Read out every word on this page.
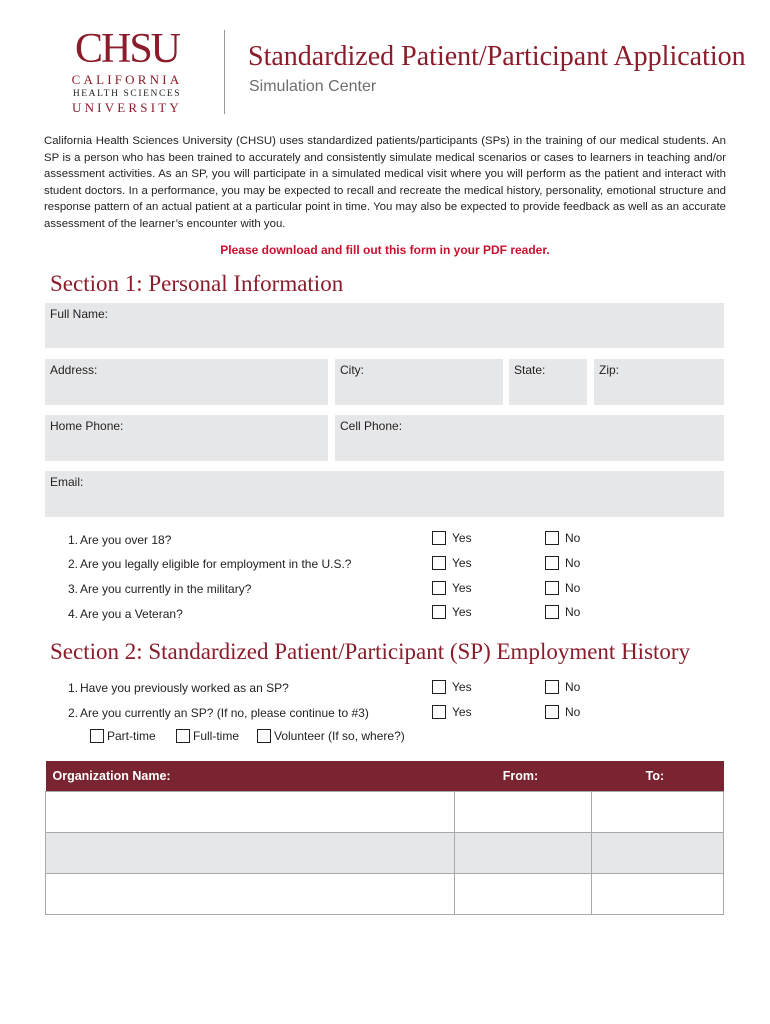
CHSU
CALIFORNIA
HEALTH SCIENCES
UNIVERSITY
Standardized Patient/Participant Application
Simulation Center

California Health Sciences University (CHSU) uses standardized patients/participants (SPs) in the training of our medical students. An SP is a person who has been trained to accurately and consistently simulate medical scenarios or cases to learners in teaching and/or assessment activities. As an SP, you will participate in a simulated medical visit where you will perform as the patient and interact with student doctors. In a performance, you may be expected to recall and recreate the medical history, personality, emotional structure and response pattern of an actual patient at a particular point in time. You may also be expected to provide feedback as well as an accurate assessment of the learner’s encounter with you.

Please download and fill out this form in your PDF reader.
Section 1: Personal Information
Full Name:
Address:	City:	State:	Zip:
Home Phone:	Cell Phone:
Email:
1. Are you over 18?	Yes	No
2. Are you legally eligible for employment in the U.S.?	Yes	No
3. Are you currently in the military?	Yes	No
4. Are you a Veteran?	Yes	No
Section 2: Standardized Patient/Participant (SP) Employment History
1. Have you previously worked as an SP?	Yes	No
2. Are you currently an SP? (If no, please continue to #3)	Yes	No
Part-time	Full-time	Volunteer (If so, where?)
Organization Name:	From:	To:
